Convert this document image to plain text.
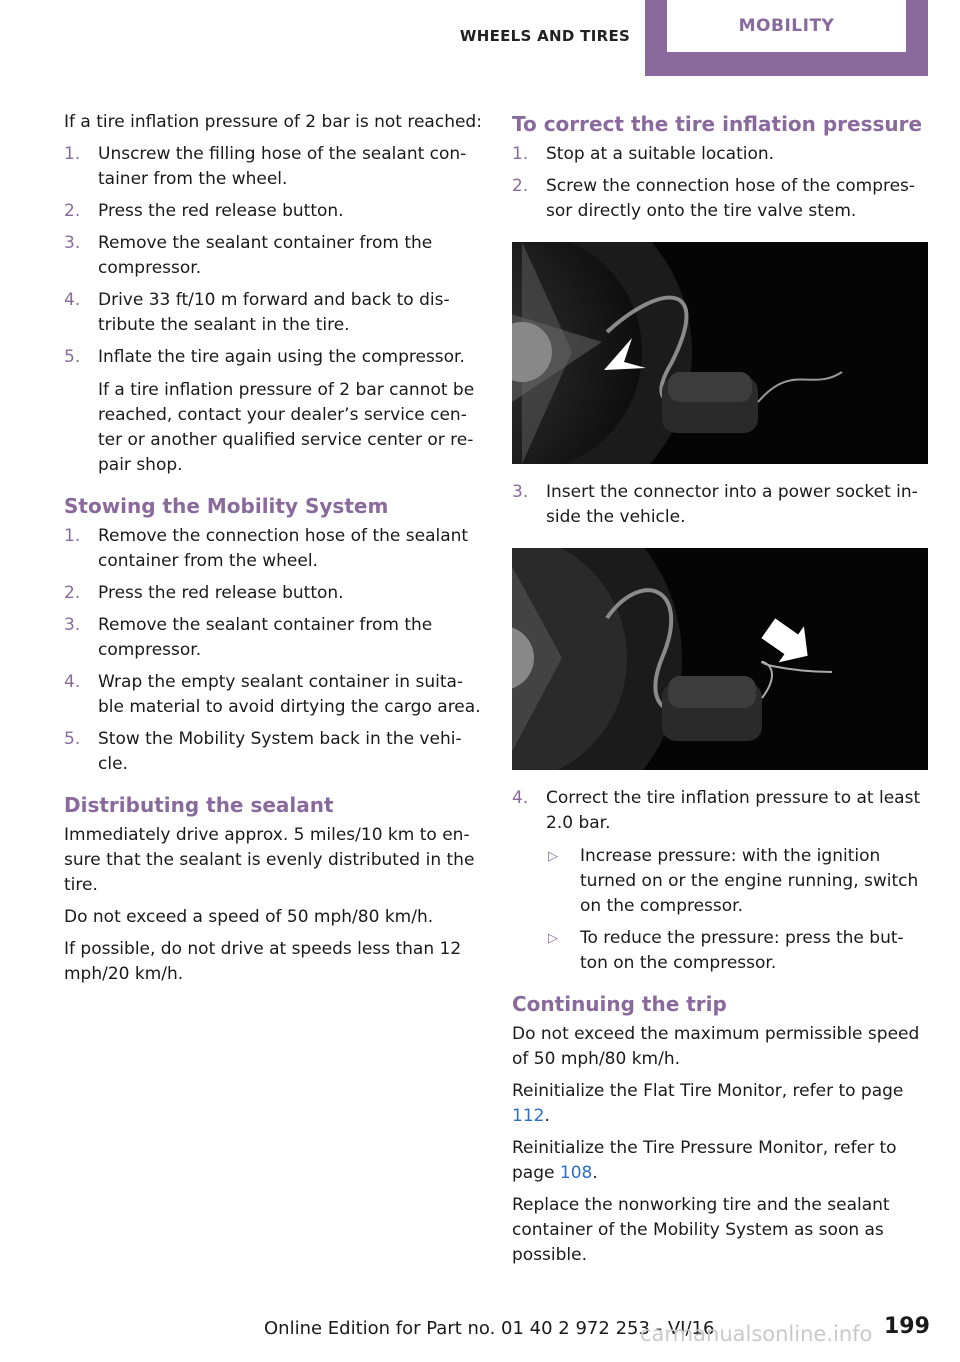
WHEELS AND TIRES	MOBILITY

If a tire inflation pressure of 2 bar is not reached:

1. Unscrew the filling hose of the sealant con-tainer from the wheel.
2. Press the red release button.
3. Remove the sealant container from the compressor.
4. Drive 33 ft/10 m forward and back to dis-tribute the sealant in the tire.
5. Inflate the tire again using the compressor.
If a tire inflation pressure of 2 bar cannot be reached, contact your dealer’s service cen-ter or another qualified service center or re-pair shop.
Stowing the Mobility System
1. Remove the connection hose of the sealant container from the wheel.
2. Press the red release button.
3. Remove the sealant container from the compressor.
4. Wrap the empty sealant container in suita-ble material to avoid dirtying the cargo area.
5. Stow the Mobility System back in the vehi-cle.
Distributing the sealant

Immediately drive approx. 5 miles/10 km to en-sure that the sealant is evenly distributed in the tire.

Do not exceed a speed of 50 mph/80 km/h.

If possible, do not drive at speeds less than 12 mph/20 km/h.

To correct the tire inflation pressure
1. Stop at a suitable location.
2. Screw the connection hose of the compres-sor directly onto the tire valve stem.
3. Insert the connector into a power socket in-side the vehicle.
4. Correct the tire inflation pressure to at least 2.0 bar.
▷ Increase pressure: with the ignition turned on or the engine running, switch on the compressor.
▷ To reduce the pressure: press the but-ton on the compressor.
Continuing the trip

Do not exceed the maximum permissible speed of 50 mph/80 km/h.

Reinitialize the Flat Tire Monitor, refer to page 112.

Reinitialize the Tire Pressure Monitor, refer to page 108.

Replace the nonworking tire and the sealant container of the Mobility System as soon as possible.

Online Edition for Part no. 01 40 2 972 253 - VI/16	199
carmanualsonline.info
